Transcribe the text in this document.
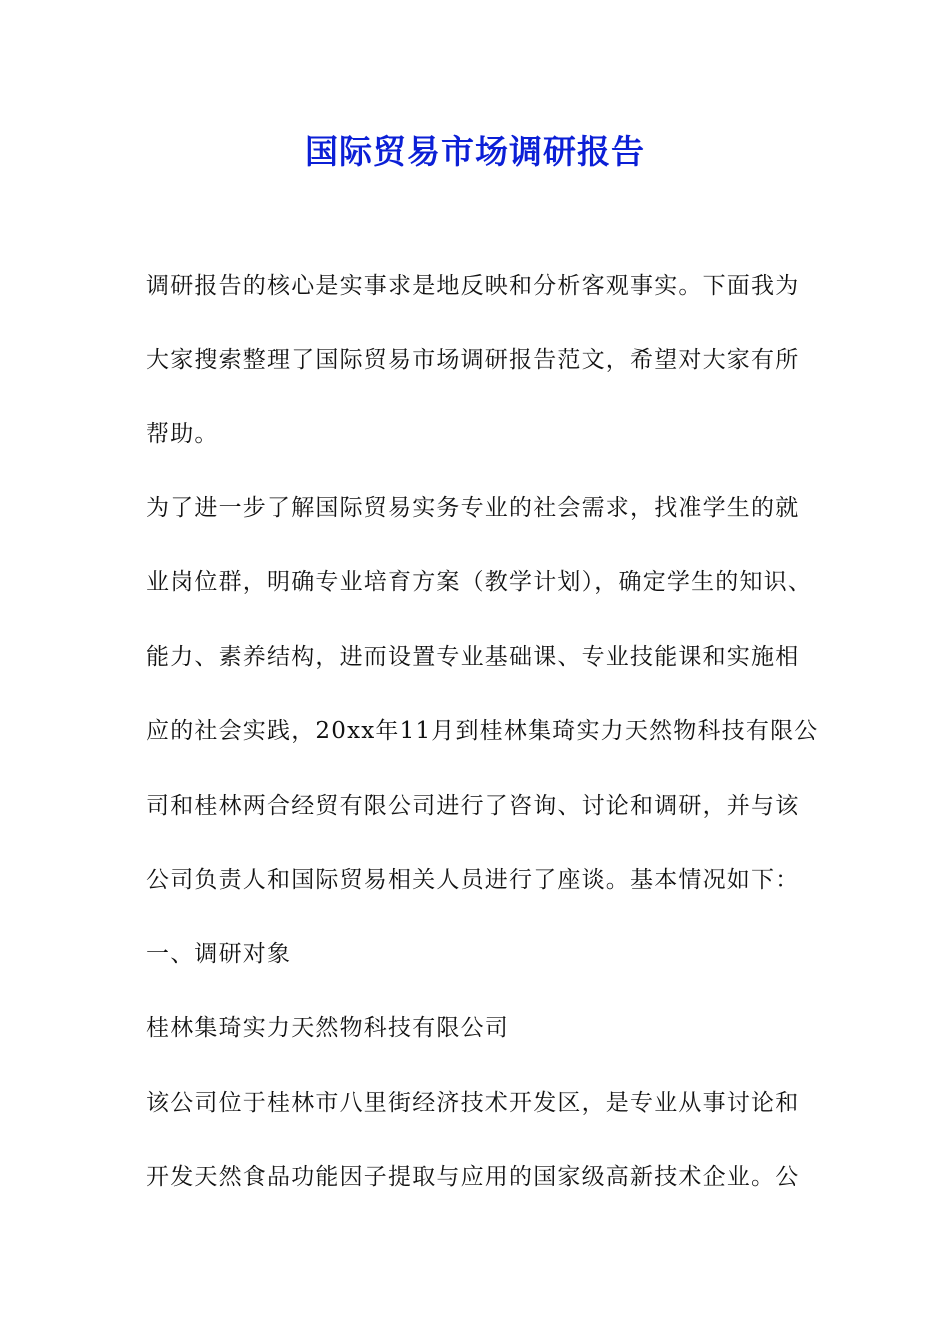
国际贸易市场调研报告
调研报告的核心是实事求是地反映和分析客观事实。下面我为
大家搜索整理了国际贸易市场调研报告范文，希望对大家有所
帮助。
为了进一步了解国际贸易实务专业的社会需求，找准学生的就
业岗位群，明确专业培育方案（教学计划），确定学生的知识、
能力、素养结构，进而设置专业基础课、专业技能课和实施相
应的社会实践，20xx年11月到桂林集琦实力天然物科技有限公
司和桂林两合经贸有限公司进行了咨询、讨论和调研，并与该
公司负责人和国际贸易相关人员进行了座谈。基本情况如下：
一、调研对象
桂林集琦实力天然物科技有限公司
该公司位于桂林市八里街经济技术开发区，是专业从事讨论和
开发天然食品功能因子提取与应用的国家级高新技术企业。公
